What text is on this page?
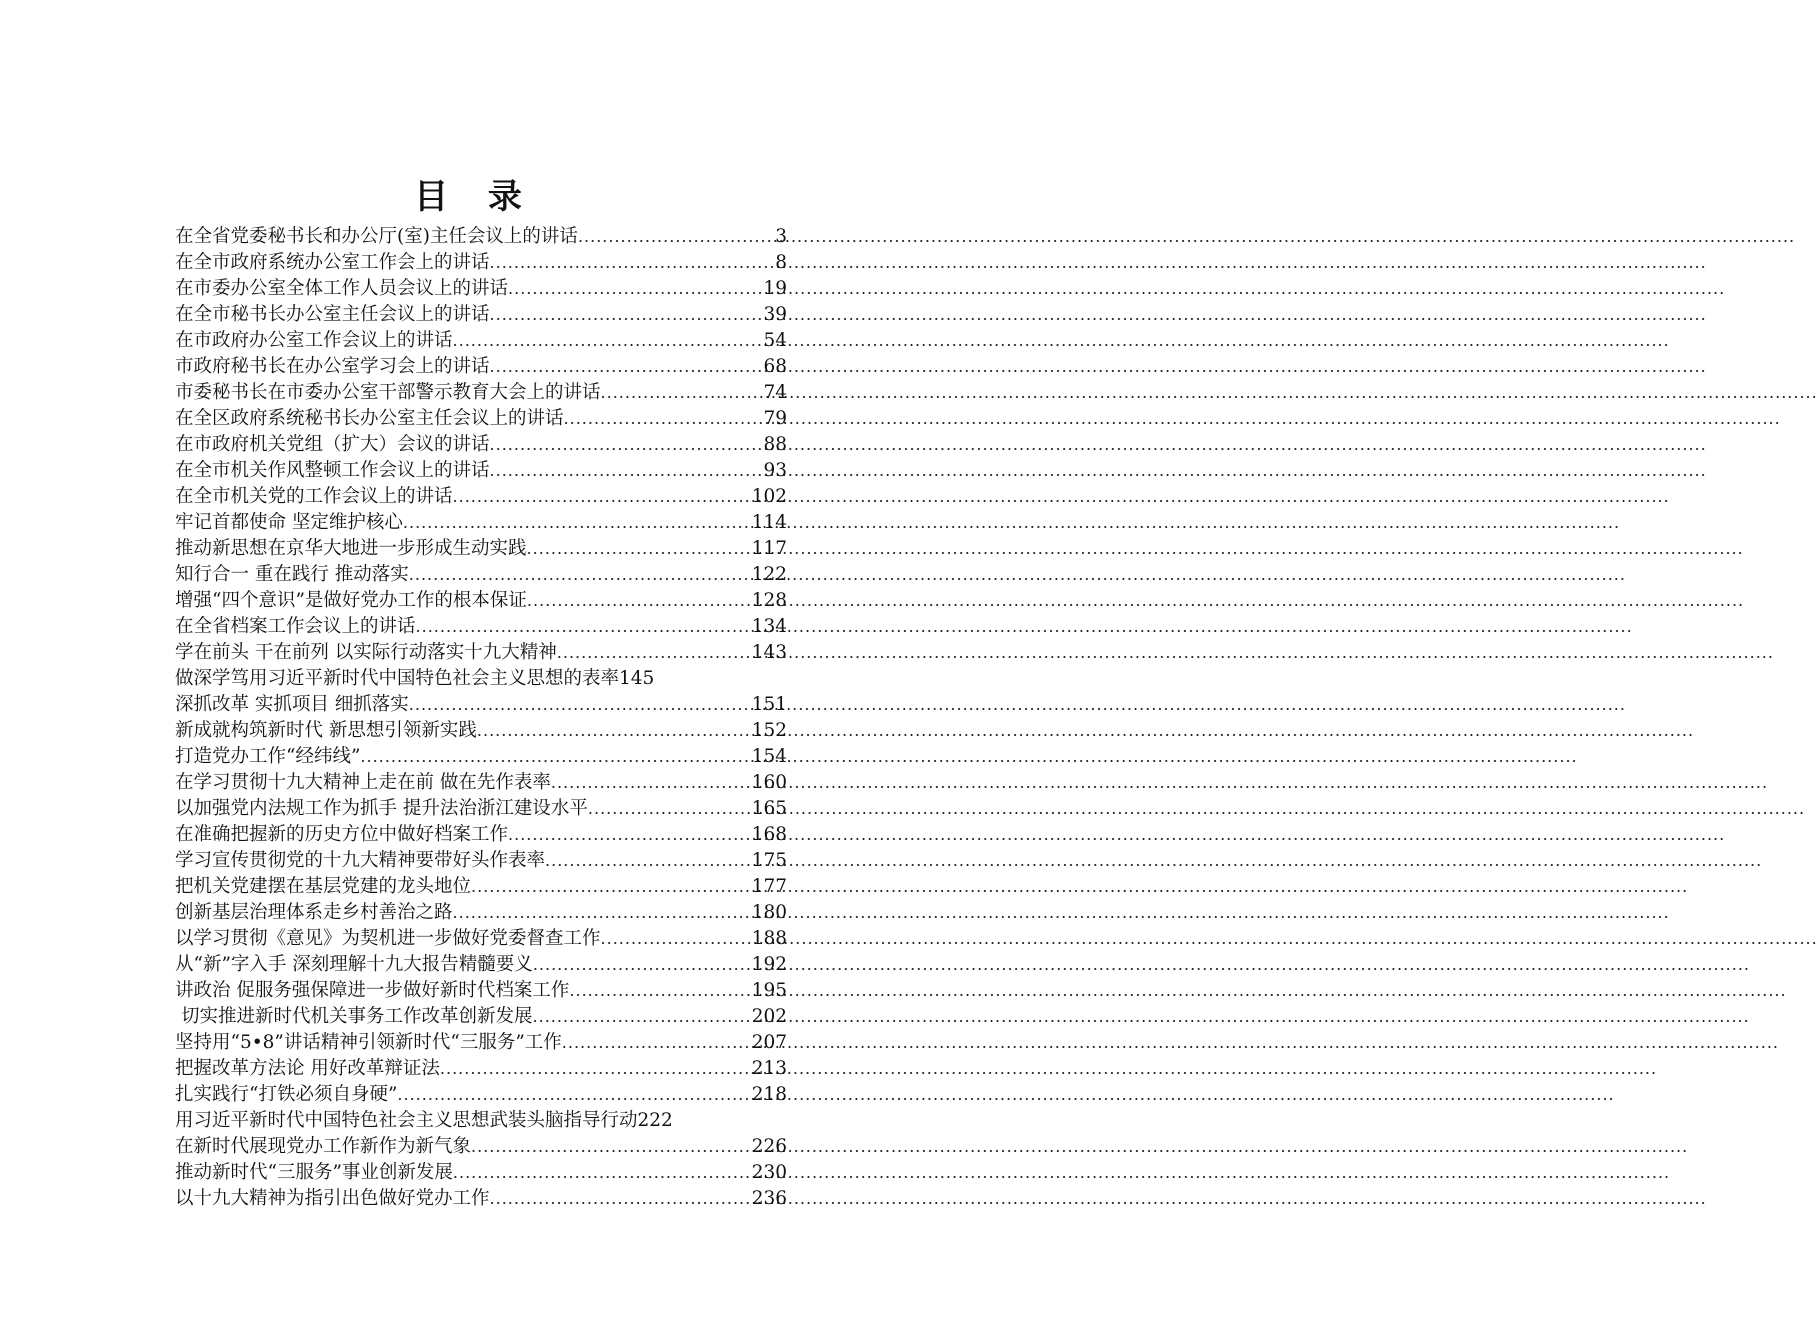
目 录
在全省党委秘书长和办公厅(室)主任会议上的讲话 .....	3
在全市政府系统办公室工作会上的讲话 .....	8
在市委办公室全体工作人员会议上的讲话 .....	19
在全市秘书长办公室主任会议上的讲话 .....	39
在市政府办公室工作会议上的讲话 .....	54
市政府秘书长在办公室学习会上的讲话 .....	68
市委秘书长在市委办公室干部警示教育大会上的讲话 .....	74
在全区政府系统秘书长办公室主任会议上的讲话 .....	79
在市政府机关党组（扩大）会议的讲话 .....	88
在全市机关作风整顿工作会议上的讲话 .....	93
在全市机关党的工作会议上的讲话 .....	102
牢记首都使命 坚定维护核心 .....	114
推动新思想在京华大地进一步形成生动实践 .....	117
知行合一 重在践行 推动落实 .....	122
增强“四个意识”是做好党办工作的根本保证 .....	128
在全省档案工作会议上的讲话 .....	134
学在前头 干在前列 以实际行动落实十九大精神 .....	143
做深学笃用习近平新时代中国特色社会主义思想的表率 145
深抓改革 实抓项目 细抓落实 .....	151
新成就构筑新时代 新思想引领新实践 .....	152
打造党办工作“经纬线” .....	154
在学习贯彻十九大精神上走在前 做在先作表率 .....	160
以加强党内法规工作为抓手 提升法治浙江建设水平 .....	165
在准确把握新的历史方位中做好档案工作 .....	168
学习宣传贯彻党的十九大精神要带好头作表率 .....	175
把机关党建摆在基层党建的龙头地位 .....	177
创新基层治理体系走乡村善治之路 .....	180
以学习贯彻《意见》为契机进一步做好党委督查工作 .....	188
从“新”字入手 深刻理解十九大报告精髓要义 .....	192
讲政治 促服务强保障进一步做好新时代档案工作 .....	195
切实推进新时代机关事务工作改革创新发展 .....	202
坚持用“5•8”讲话精神引领新时代“三服务”工作 .....	207
把握改革方法论 用好改革辩证法 .....	213
扎实践行“打铁必须自身硬” .....	218
用习近平新时代中国特色社会主义思想武装头脑指导行动 222
在新时代展现党办工作新作为新气象 .....	226
推动新时代“三服务”事业创新发展 .....	230
以十九大精神为指引出色做好党办工作 .....	236
